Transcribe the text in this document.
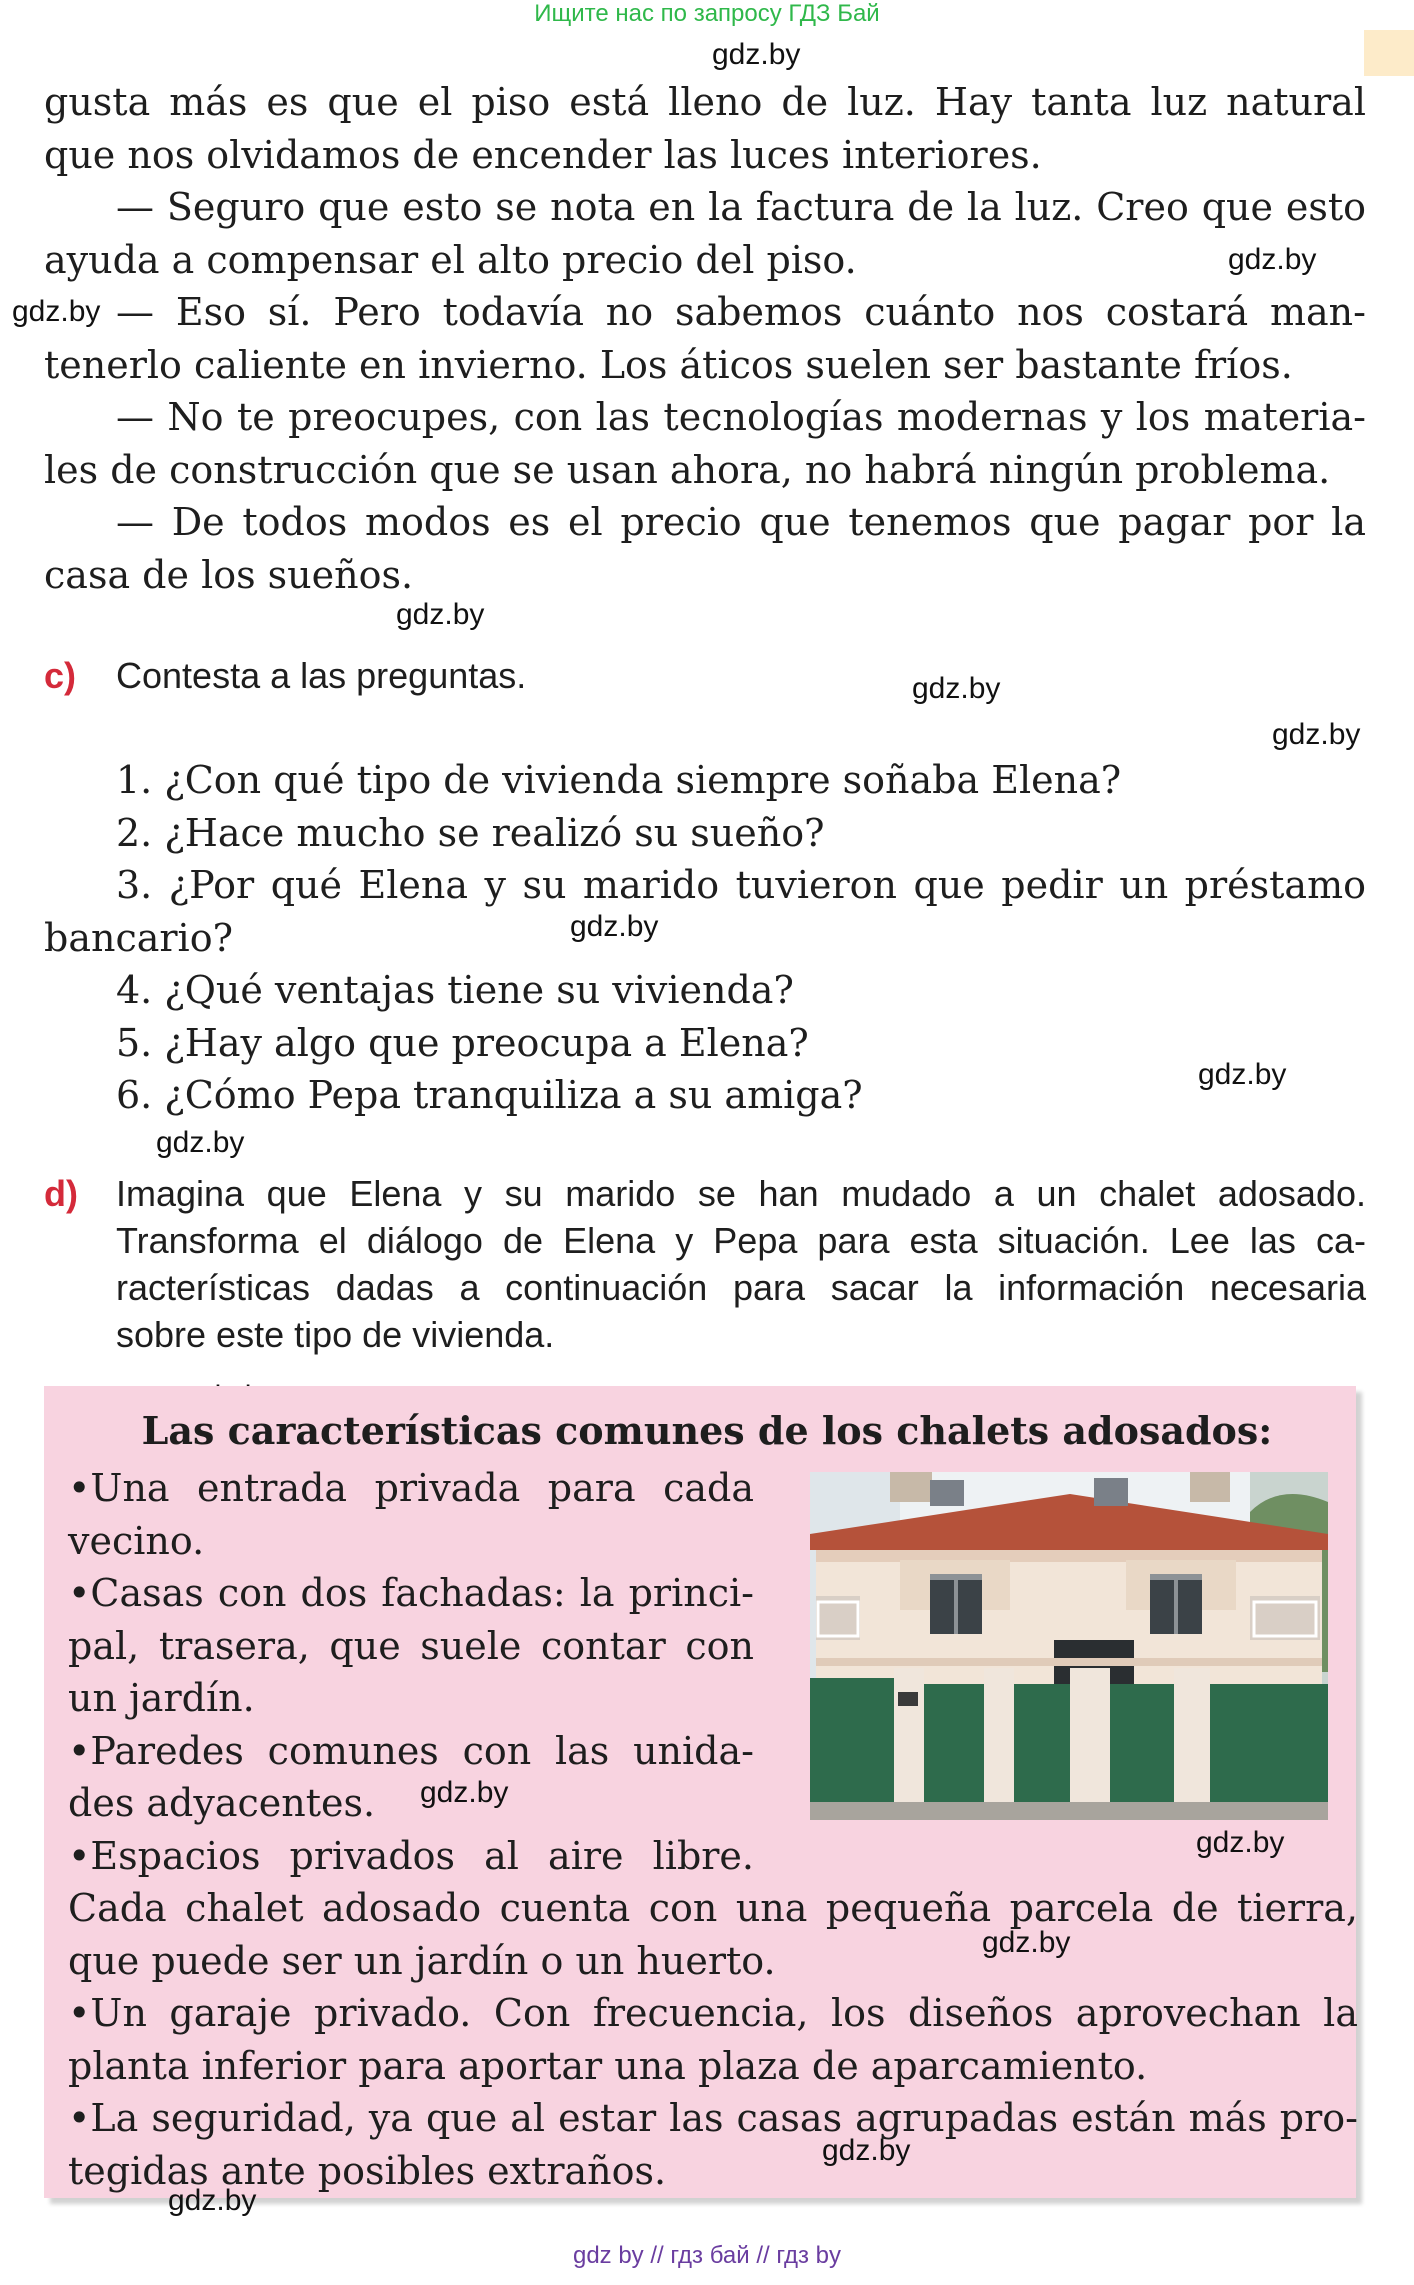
Ищите нас по запросу ГДЗ Бай
gdz.by
gdz.by
gdz.by
gdz.by
gdz.by
gdz.by
gdz.by
gdz.by
gdz.by
gusta más es que el piso está lleno de luz. Hay tanta luz natural
que nos olvidamos de encender las luces interiores.
— Seguro que esto se nota en la factura de la luz. Creo que esto
ayuda a compensar el alto precio del piso.
— Eso sí. Pero todavía no sabemos cuánto nos costará man-
tenerlo caliente en invierno. Los áticos suelen ser bastante fríos.
— No te preocupes, con las tecnologías modernas y los materia-
les de construcción que se usan ahora, no habrá ningún problema.
— De todos modos es el precio que tenemos que pagar por la
casa de los sueños.
c) Contesta a las preguntas.
1. ¿Con qué tipo de vivienda siempre soñaba Elena?
2. ¿Hace mucho se realizó su sueño?
3. ¿Por qué Elena y su marido tuvieron que pedir un préstamo
bancario?
4. ¿Qué ventajas tiene su vivienda?
5. ¿Hay algo que preocupa a Elena?
6. ¿Cómo Pepa tranquiliza a su amiga?
d) Imagina que Elena y su marido se han mudado a un chalet adosado.
Transforma el diálogo de Elena y Pepa para esta situación. Lee las ca-
racterísticas dadas a continuación para sacar la información necesaria
sobre este tipo de vivienda.
Las características comunes de los chalets adosados:
•Una entrada privada para cada
vecino.
•Casas con dos fachadas: la princi-
pal, trasera, que suele contar con
un jardín.
•Paredes comunes con las unida-
des adyacentes.
•Espacios privados al aire libre.
Cada chalet adosado cuenta con una pequeña parcela de tierra,
que puede ser un jardín o un huerto.
•Un garaje privado. Con frecuencia, los diseños aprovechan la
planta inferior para aportar una plaza de aparcamiento.
•La seguridad, ya que al estar las casas agrupadas están más pro-
tegidas ante posibles extraños.
gdz.by
gdz.by
gdz.by
gdz.by
gdz.by
gdz by // гдз бай // гдз by
